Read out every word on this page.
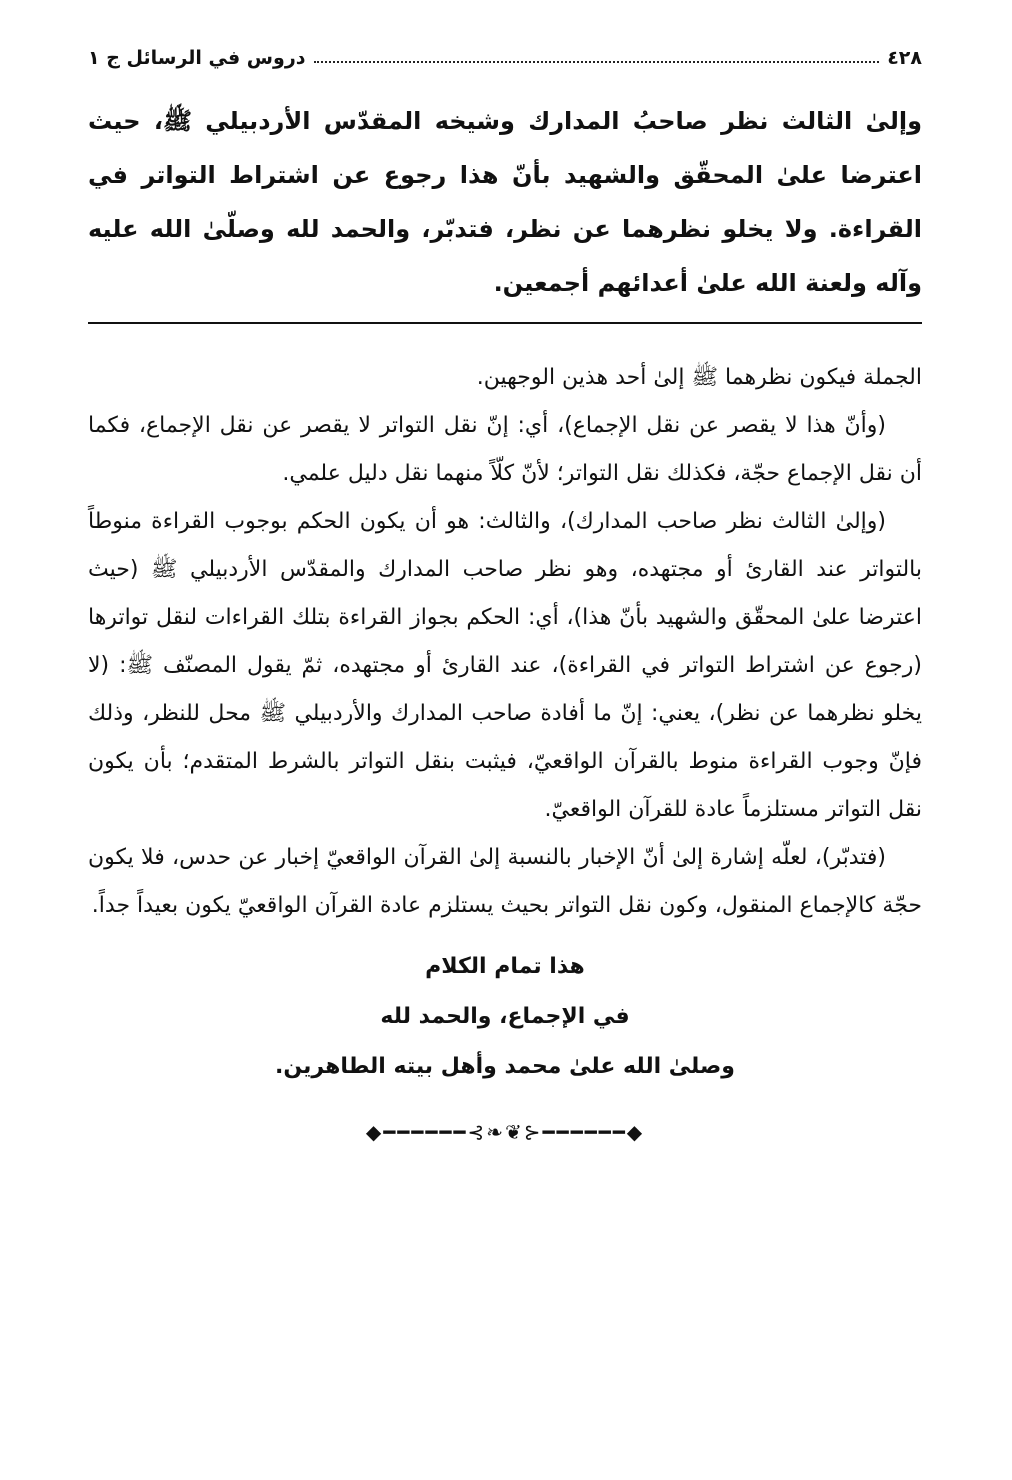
٤٢٨
دروس في الرسائل ج ١
وإلىٰ الثالث نظر صاحبُ المدارك وشيخه المقدّس الأردبيلي ﷺ، حيث اعترضا علىٰ المحقّق والشهيد بأنّ هذا رجوع عن اشتراط التواتر في القراءة. ولا يخلو نظرهما عن نظر، فتدبّر، والحمد لله وصلّىٰ الله عليه وآله ولعنة الله علىٰ أعدائهم أجمعين.

الجملة فيكون نظرهما ﷺ إلىٰ أحد هذين الوجهين.

(وأنّ هذا لا يقصر عن نقل الإجماع)، أي: إنّ نقل التواتر لا يقصر عن نقل الإجماع، فكما أن نقل الإجماع حجّة، فكذلك نقل التواتر؛ لأنّ كلّاً منهما نقل دليل علمي.

(وإلىٰ الثالث نظر صاحب المدارك)، والثالث: هو أن يكون الحكم بوجوب القراءة منوطاً بالتواتر عند القارئ أو مجتهده، وهو نظر صاحب المدارك والمقدّس الأردبيلي ﷺ (حيث اعترضا علىٰ المحقّق والشهيد بأنّ هذا)، أي: الحكم بجواز القراءة بتلك القراءات لنقل تواترها (رجوع عن اشتراط التواتر في القراءة)، عند القارئ أو مجتهده، ثمّ يقول المصنّف ﷺ: (لا يخلو نظرهما عن نظر)، يعني: إنّ ما أفادة صاحب المدارك والأردبيلي ﷺ محل للنظر، وذلك فإنّ وجوب القراءة منوط بالقرآن الواقعيّ، فيثبت بنقل التواتر بالشرط المتقدم؛ بأن يكون نقل التواتر مستلزماً عادة للقرآن الواقعيّ.

(فتدبّر)، لعلّه إشارة إلىٰ أنّ الإخبار بالنسبة إلىٰ القرآن الواقعيّ إخبار عن حدس، فلا يكون حجّة كالإجماع المنقول، وكون نقل التواتر بحيث يستلزم عادة القرآن الواقعيّ يكون بعيداً جداً.

هذا تمام الكلام
في الإجماع، والحمد لله
وصلىٰ الله علىٰ محمد وأهل بيته الطاهرين.
◆━━━━━━⊰❦❧⊱━━━━━━◆
